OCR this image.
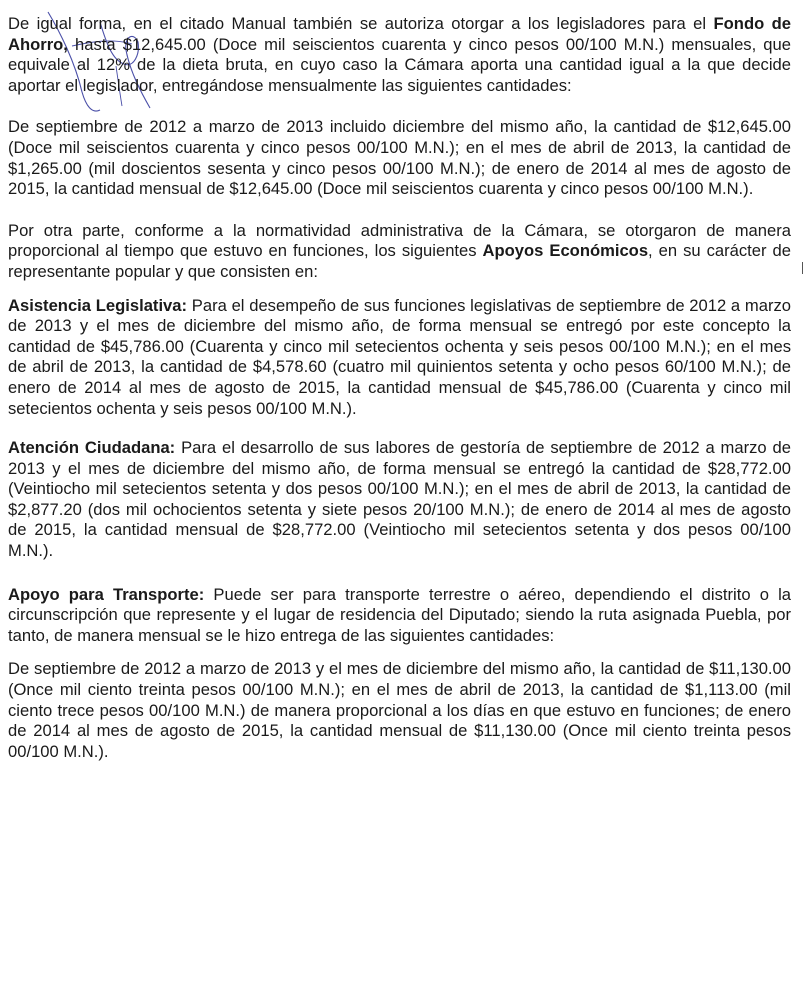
De igual forma, en el citado Manual también se autoriza otorgar a los legisladores para el Fondo de Ahorro, hasta $12,645.00 (Doce mil seiscientos cuarenta y cinco pesos 00/100 M.N.) mensuales, que equivale al 12% de la dieta bruta, en cuyo caso la Cámara aporta una cantidad igual a la que decide aportar el legislador, entregándose mensualmente las siguientes cantidades:

De septiembre de 2012 a marzo de 2013 incluido diciembre del mismo año, la cantidad de $12,645.00 (Doce mil seiscientos cuarenta y cinco pesos 00/100 M.N.); en el mes de abril de 2013, la cantidad de $1,265.00 (mil doscientos sesenta y cinco pesos 00/100 M.N.); de enero de 2014 al mes de agosto de 2015, la cantidad mensual de $12,645.00 (Doce mil seiscientos cuarenta y cinco pesos 00/100 M.N.).

Por otra parte, conforme a la normatividad administrativa de la Cámara, se otorgaron de manera proporcional al tiempo que estuvo en funciones, los siguientes Apoyos Económicos, en su carácter de representante popular y que consisten en:

Asistencia Legislativa: Para el desempeño de sus funciones legislativas de septiembre de 2012 a marzo de 2013 y el mes de diciembre del mismo año, de forma mensual se entregó por este concepto la cantidad de $45,786.00 (Cuarenta y cinco mil setecientos ochenta y seis pesos 00/100 M.N.); en el mes de abril de 2013, la cantidad de $4,578.60 (cuatro mil quinientos setenta y ocho pesos 60/100 M.N.); de enero de 2014 al mes de agosto de 2015, la cantidad mensual de $45,786.00 (Cuarenta y cinco mil setecientos ochenta y seis pesos 00/100 M.N.).

Atención Ciudadana: Para el desarrollo de sus labores de gestoría de septiembre de 2012 a marzo de 2013 y el mes de diciembre del mismo año, de forma mensual se entregó la cantidad de $28,772.00 (Veintiocho mil setecientos setenta y dos pesos 00/100 M.N.); en el mes de abril de 2013, la cantidad de $2,877.20 (dos mil ochocientos setenta y siete pesos 20/100 M.N.); de enero de 2014 al mes de agosto de 2015, la cantidad mensual de $28,772.00 (Veintiocho mil setecientos setenta y dos pesos 00/100 M.N.).

Apoyo para Transporte: Puede ser para transporte terrestre o aéreo, dependiendo el distrito o la circunscripción que represente y el lugar de residencia del Diputado; siendo la ruta asignada Puebla, por tanto, de manera mensual se le hizo entrega de las siguientes cantidades:

De septiembre de 2012 a marzo de 2013 y el mes de diciembre del mismo año, la cantidad de $11,130.00 (Once mil ciento treinta pesos 00/100 M.N.); en el mes de abril de 2013, la cantidad de $1,113.00 (mil ciento trece pesos 00/100 M.N.) de manera proporcional a los días en que estuvo en funciones; de enero de 2014 al mes de agosto de 2015, la cantidad mensual de $11,130.00 (Once mil ciento treinta pesos 00/100 M.N.).
